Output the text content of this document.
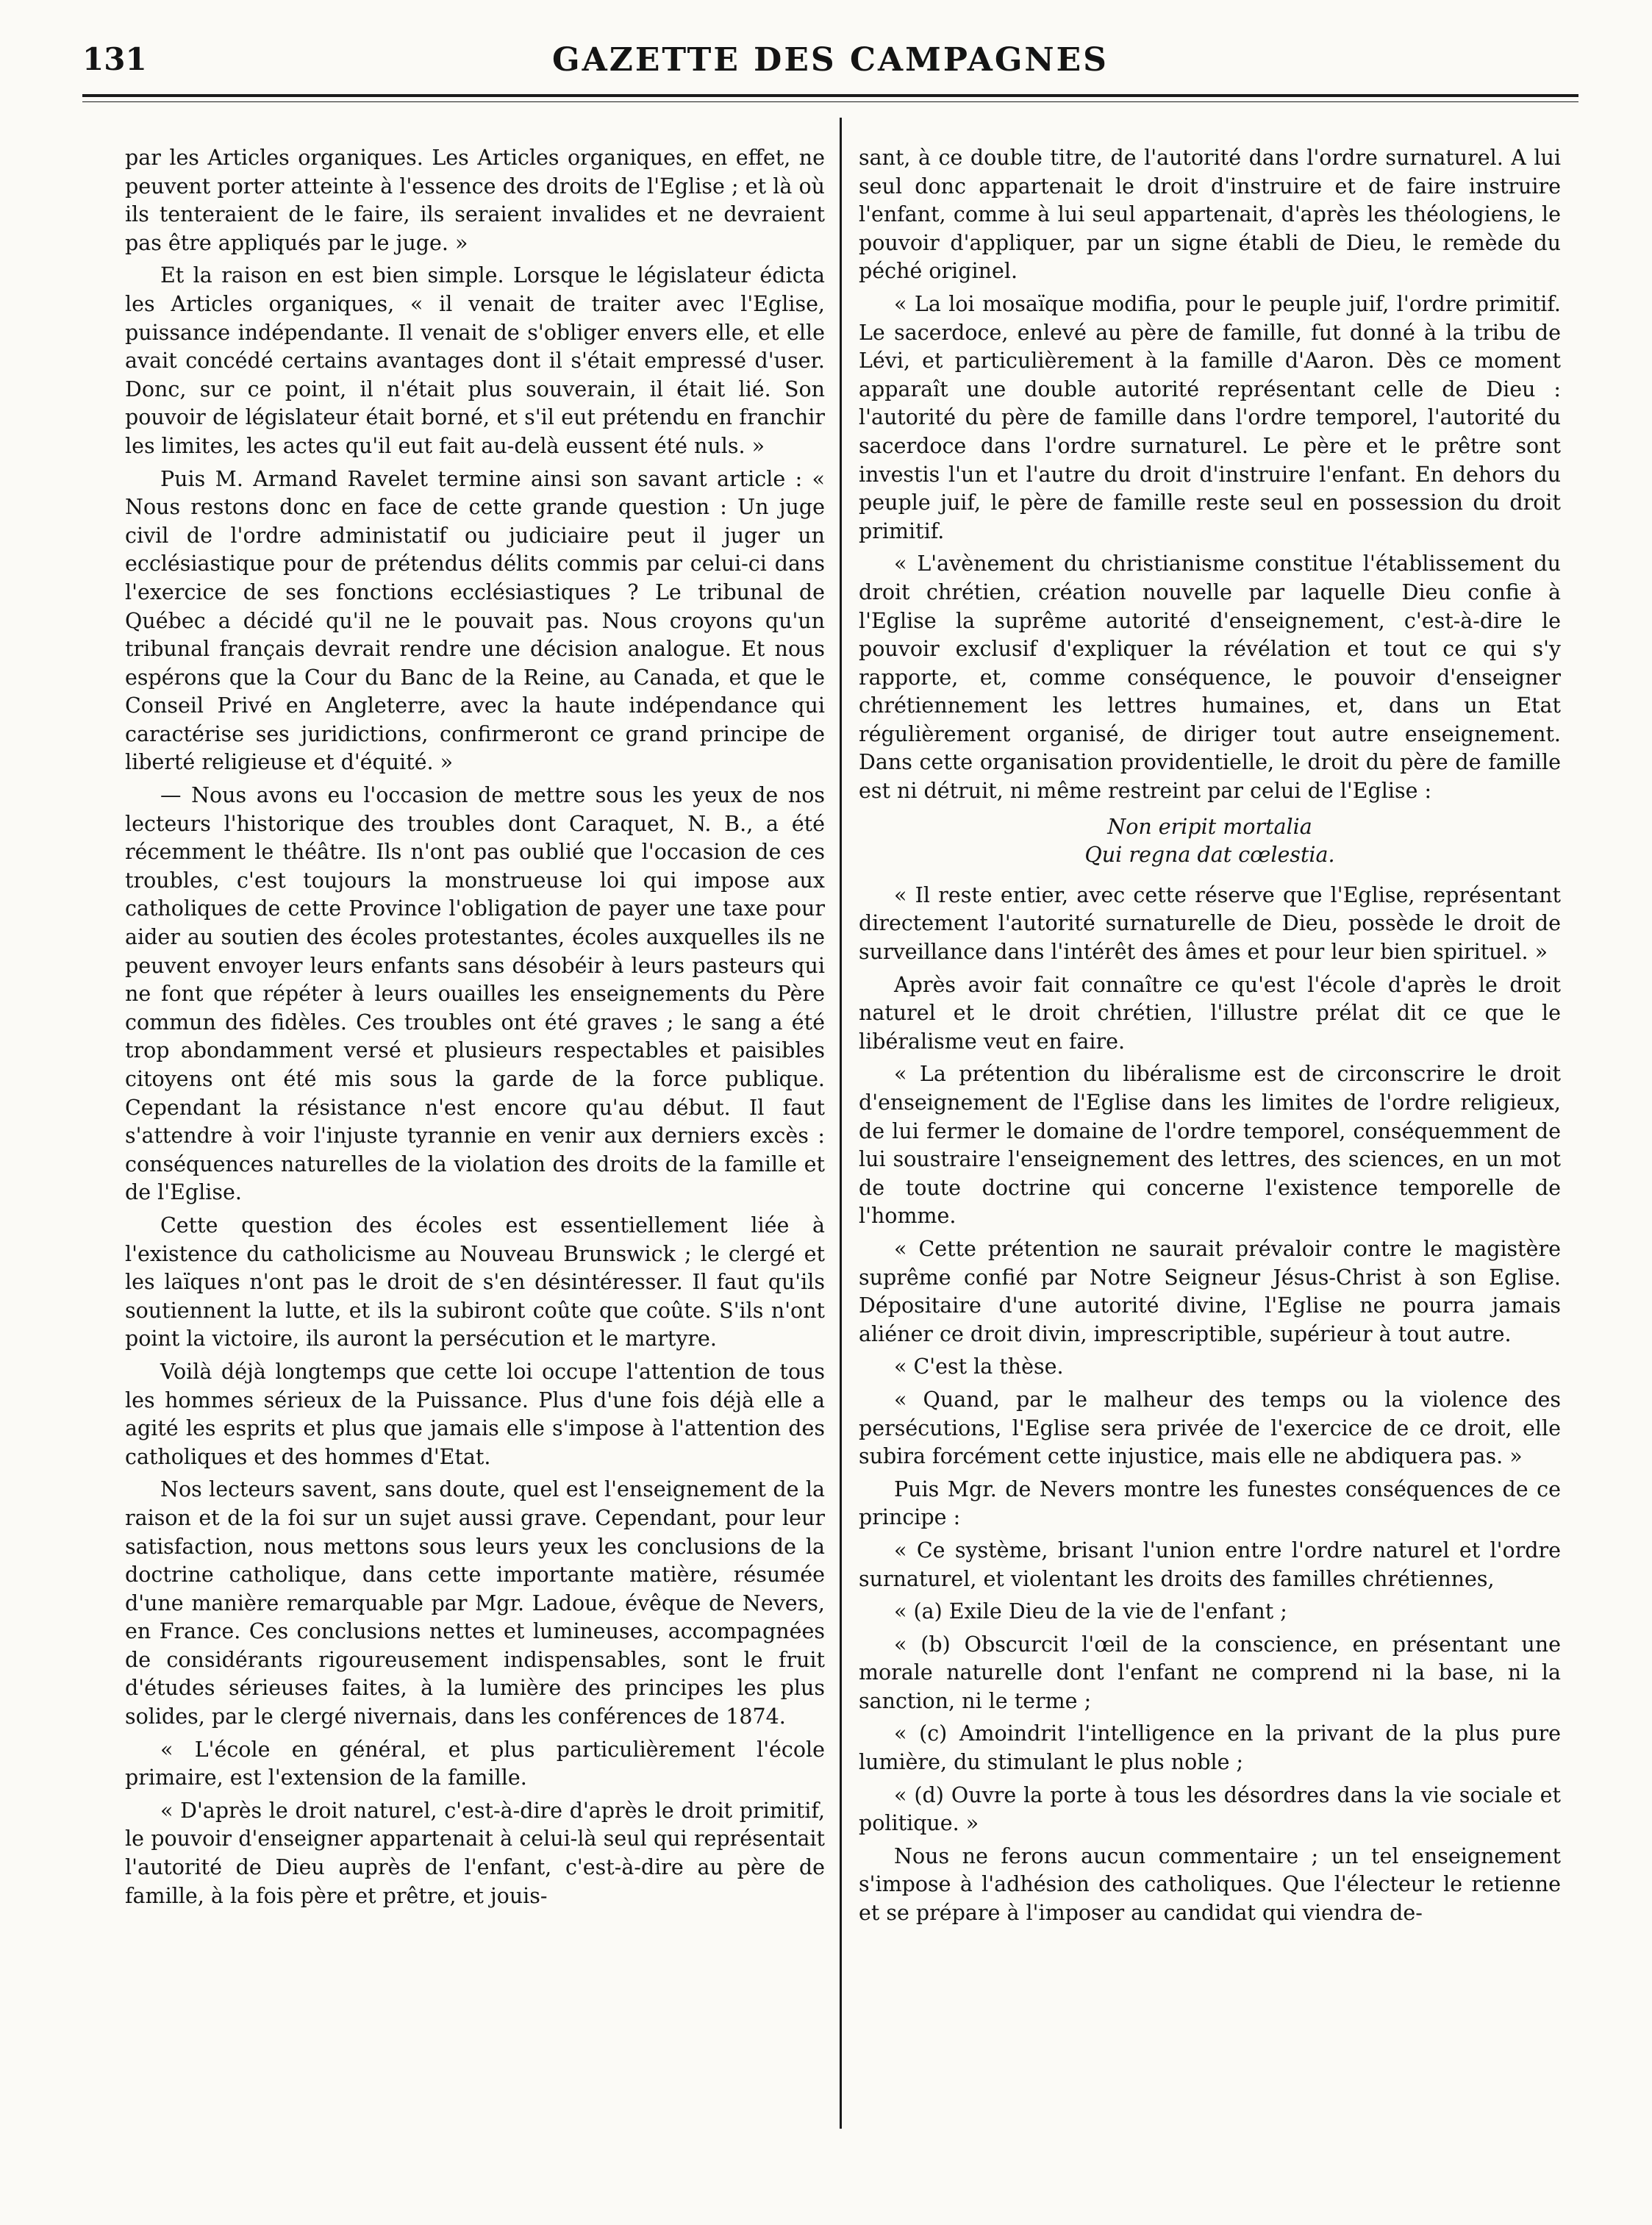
131	GAZETTE DES CAMPAGNES

par les Articles organiques. Les Articles organiques, en effet, ne peuvent porter atteinte à l'essence des droits de l'Eglise ; et là où ils tenteraient de le faire, ils seraient invalides et ne devraient pas être appliqués par le juge. »

Et la raison en est bien simple. Lorsque le législateur édicta les Articles organiques, « il venait de traiter avec l'Eglise, puissance indépendante. Il venait de s'obliger envers elle, et elle avait concédé certains avantages dont il s'était empressé d'user. Donc, sur ce point, il n'était plus souverain, il était lié. Son pouvoir de législateur était borné, et s'il eut prétendu en franchir les limites, les actes qu'il eut fait au-delà eussent été nuls. »

Puis M. Armand Ravelet termine ainsi son savant article : « Nous restons donc en face de cette grande question : Un juge civil de l'ordre administatif ou judiciaire peut il juger un ecclésiastique pour de prétendus délits commis par celui-ci dans l'exercice de ses fonctions ecclésiastiques ? Le tribunal de Québec a décidé qu'il ne le pouvait pas. Nous croyons qu'un tribunal français devrait rendre une décision analogue. Et nous espérons que la Cour du Banc de la Reine, au Canada, et que le Conseil Privé en Angleterre, avec la haute indépendance qui caractérise ses juridictions, confirmeront ce grand principe de liberté religieuse et d'équité. »

— Nous avons eu l'occasion de mettre sous les yeux de nos lecteurs l'historique des troubles dont Caraquet, N. B., a été récemment le théâtre. Ils n'ont pas oublié que l'occasion de ces troubles, c'est toujours la monstrueuse loi qui impose aux catholiques de cette Province l'obligation de payer une taxe pour aider au soutien des écoles protestantes, écoles auxquelles ils ne peuvent envoyer leurs enfants sans désobéir à leurs pasteurs qui ne font que répéter à leurs ouailles les enseignements du Père commun des fidèles. Ces troubles ont été graves ; le sang a été trop abondamment versé et plusieurs respectables et paisibles citoyens ont été mis sous la garde de la force publique. Cependant la résistance n'est encore qu'au début. Il faut s'attendre à voir l'injuste tyrannie en venir aux derniers excès : conséquences naturelles de la violation des droits de la famille et de l'Eglise.

Cette question des écoles est essentiellement liée à l'existence du catholicisme au Nouveau Brunswick ; le clergé et les laïques n'ont pas le droit de s'en désintéresser. Il faut qu'ils soutiennent la lutte, et ils la subiront coûte que coûte. S'ils n'ont point la victoire, ils auront la persécution et le martyre.

Voilà déjà longtemps que cette loi occupe l'attention de tous les hommes sérieux de la Puissance. Plus d'une fois déjà elle a agité les esprits et plus que jamais elle s'impose à l'attention des catholiques et des hommes d'Etat.

Nos lecteurs savent, sans doute, quel est l'enseignement de la raison et de la foi sur un sujet aussi grave. Cependant, pour leur satisfaction, nous mettons sous leurs yeux les conclusions de la doctrine catholique, dans cette importante matière, résumée d'une manière remarquable par Mgr. Ladoue, évêque de Nevers, en France. Ces conclusions nettes et lumineuses, accompagnées de considérants rigoureusement indispensables, sont le fruit d'études sérieuses faites, à la lumière des principes les plus solides, par le clergé nivernais, dans les conférences de 1874.

« L'école en général, et plus particulièrement l'école primaire, est l'extension de la famille.

« D'après le droit naturel, c'est-à-dire d'après le droit primitif, le pouvoir d'enseigner appartenait à celui-là seul qui représentait l'autorité de Dieu auprès de l'enfant, c'est-à-dire au père de famille, à la fois père et prêtre, et jouis-

sant, à ce double titre, de l'autorité dans l'ordre surnaturel. A lui seul donc appartenait le droit d'instruire et de faire instruire l'enfant, comme à lui seul appartenait, d'après les théologiens, le pouvoir d'appliquer, par un signe établi de Dieu, le remède du péché originel.

« La loi mosaïque modifia, pour le peuple juif, l'ordre primitif. Le sacerdoce, enlevé au père de famille, fut donné à la tribu de Lévi, et particulièrement à la famille d'Aaron. Dès ce moment apparaît une double autorité représentant celle de Dieu : l'autorité du père de famille dans l'ordre temporel, l'autorité du sacerdoce dans l'ordre surnaturel. Le père et le prêtre sont investis l'un et l'autre du droit d'instruire l'enfant. En dehors du peuple juif, le père de famille reste seul en possession du droit primitif.

« L'avènement du christianisme constitue l'établissement du droit chrétien, création nouvelle par laquelle Dieu confie à l'Eglise la suprême autorité d'enseignement, c'est-à-dire le pouvoir exclusif d'expliquer la révélation et tout ce qui s'y rapporte, et, comme conséquence, le pouvoir d'enseigner chrétiennement les lettres humaines, et, dans un Etat régulièrement organisé, de diriger tout autre enseignement. Dans cette organisation providentielle, le droit du père de famille est ni détruit, ni même restreint par celui de l'Eglise :

Non eripit mortalia
Qui regna dat cœlestia.

« Il reste entier, avec cette réserve que l'Eglise, représentant directement l'autorité surnaturelle de Dieu, possède le droit de surveillance dans l'intérêt des âmes et pour leur bien spirituel. »

Après avoir fait connaître ce qu'est l'école d'après le droit naturel et le droit chrétien, l'illustre prélat dit ce que le libéralisme veut en faire.

« La prétention du libéralisme est de circonscrire le droit d'enseignement de l'Eglise dans les limites de l'ordre religieux, de lui fermer le domaine de l'ordre temporel, conséquemment de lui soustraire l'enseignement des lettres, des sciences, en un mot de toute doctrine qui concerne l'existence temporelle de l'homme.

« Cette prétention ne saurait prévaloir contre le magistère suprême confié par Notre Seigneur Jésus-Christ à son Eglise. Dépositaire d'une autorité divine, l'Eglise ne pourra jamais aliéner ce droit divin, imprescriptible, supérieur à tout autre.

« C'est la thèse.

« Quand, par le malheur des temps ou la violence des persécutions, l'Eglise sera privée de l'exercice de ce droit, elle subira forcément cette injustice, mais elle ne abdiquera pas. »

Puis Mgr. de Nevers montre les funestes conséquences de ce principe :

« Ce système, brisant l'union entre l'ordre naturel et l'ordre surnaturel, et violentant les droits des familles chrétiennes,

« (a) Exile Dieu de la vie de l'enfant ;

« (b) Obscurcit l'œil de la conscience, en présentant une morale naturelle dont l'enfant ne comprend ni la base, ni la sanction, ni le terme ;

« (c) Amoindrit l'intelligence en la privant de la plus pure lumière, du stimulant le plus noble ;

« (d) Ouvre la porte à tous les désordres dans la vie sociale et politique. »

Nous ne ferons aucun commentaire ; un tel enseignement s'impose à l'adhésion des catholiques. Que l'électeur le retienne et se prépare à l'imposer au candidat qui viendra de-
